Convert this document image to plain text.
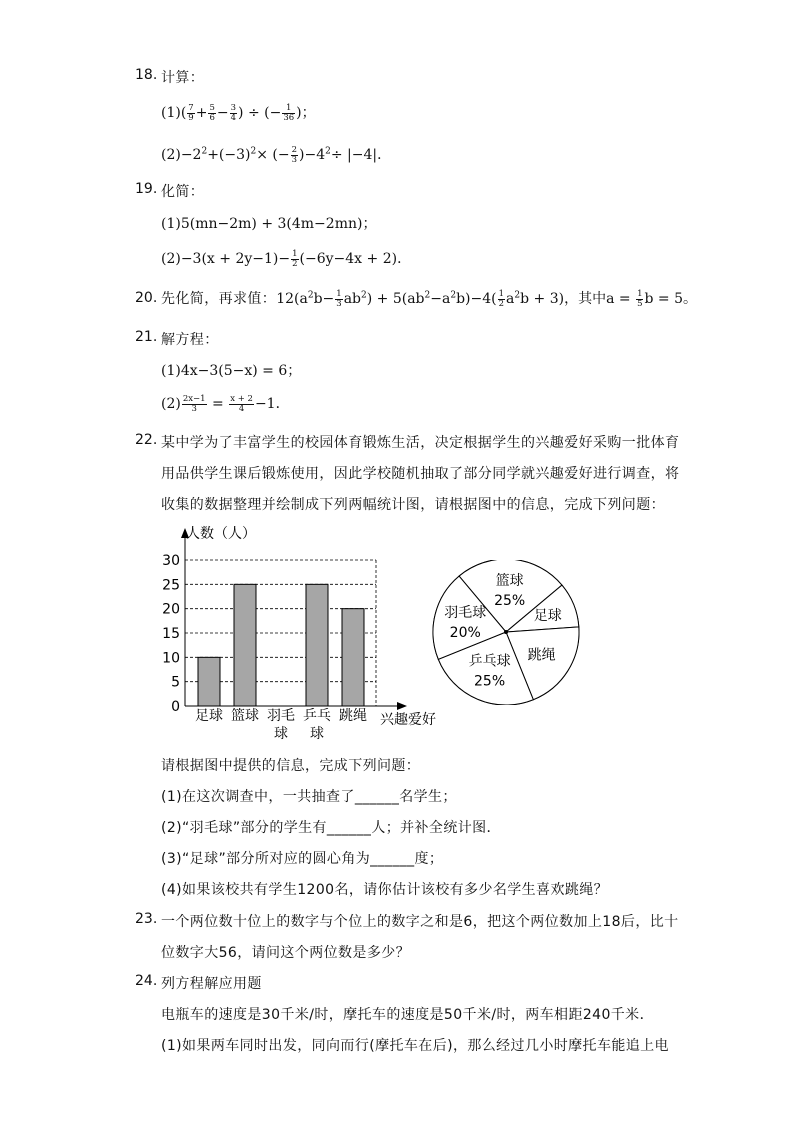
18. 计算：
$(1)( \frac{7}{9} + \frac{5}{6} - \frac{3}{4}$ ) ÷ (− $\frac{1}{36}$ )；
$(2)-2^2+(-3)^2\times$ (− $\frac{2}{3} )-4^2\div |-4|$．
19. 化简：
(1)5(mn−2m) + 3(4m−2mn)；
$(2)-3(x + 2y-1)- \frac{1}{2} (-6y-4x + 2)$．
20. 先化简，再求值：$12(a^2b- \frac{1}{3} ab^2) + 5(ab^2-a^2b)-4( \frac{1}{2} a^2b + 3)$，其中$a = \frac{1}{5}$ b = 5。
21. 解方程：
(1)4x−3(5−x) = 6；
$(2) \frac{2x-1}{3} = \frac{x + 2}{4} -1$．
22. 某中学为了丰富学生的校园体育锻炼生活，决定根据学生的兴趣爱好采购一批体育
用品供学生课后锻炼使用，因此学校随机抽取了部分同学就兴趣爱好进行调查，将
收集的数据整理并绘制成下列两幅统计图，请根据图中的信息，完成下列问题：
0
5
10
15
20
25
30
人数（人）
兴趣爱好
足球 篮球 羽毛
球
乒乓
球
跳绳
篮球
25%
足球
跳绳
乒乓球
25%
羽毛球
20%
请根据图中提供的信息，完成下列问题：
(1)在这次调查中，一共抽查了______名学生；
(2)“羽毛球”部分的学生有______人；并补全统计图．
(3)“足球”部分所对应的圆心角为______度；
(4)如果该校共有学生1200名，请你估计该校有多少名学生喜欢跳绳？
23. 一个两位数十位上的数字与个位上的数字之和是6，把这个两位数加上18后，比十
位数字大56，请问这个两位数是多少？
24. 列方程解应用题
电瓶车的速度是30千米/时，摩托车的速度是50千米/时，两车相距240千米．
(1)如果两车同时出发，同向而行(摩托车在后)，那么经过几小时摩托车能追上电
